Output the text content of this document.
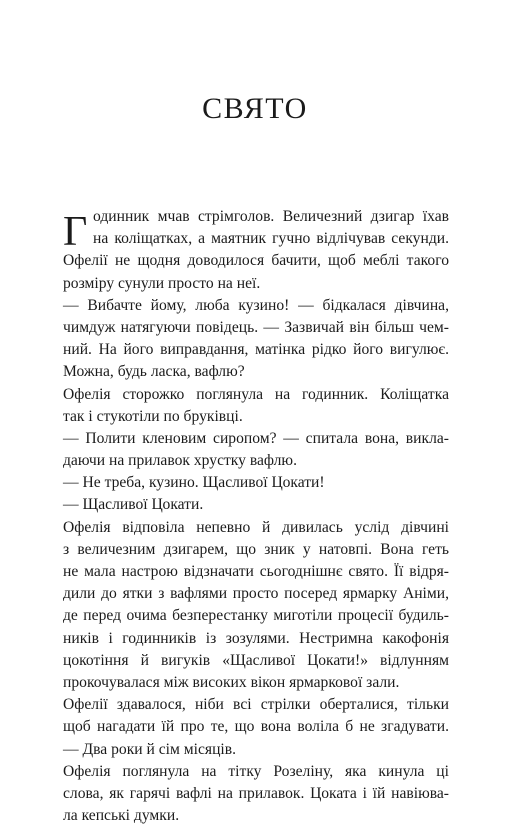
СВЯТО
Г одинник мчав стрімголов. Величезний дзигар їхав
на коліщатках, а маятник гучно відлічував секунди.
Офелії не щодня доводилося бачити, щоб меблі такого
розміру сунули просто на неї.
— Вибачте йому, люба кузино! — бідкалася дівчина,
чимдуж натягуючи повідець. — Зазвичай він більш чем-
ний. На його виправдання, матінка рідко його вигулює.
Можна, будь ласка, вафлю?
Офелія сторожко поглянула на годинник. Коліщатка
так і стукотіли по бруківці.
— Полити кленовим сиропом? — спитала вона, виклa-
даючи на прилавок хрустку вафлю.
— Не треба, кузино. Щасливої Цокати!
— Щасливої Цокати.
Офелія відповіла непевно й дивилась услід дівчині
з величезним дзигарем, що зник у натовпі. Вона геть
не мала настрою відзначати сьогоднішнє свято. Її відря-
дили до ятки з вафлями просто посеред ярмарку Аніми,
де перед очима безперестанку миготіли процесії будиль-
ників і годинників із зозулями. Нестримна какофонія
цокотіння й вигуків «Щасливої Цокати!» відлунням
прокочувалася між високих вікон ярмаркової зали.
Офелії здавалося, ніби всі стрілки оберталися, тільки
щоб нагадати їй про те, що вона воліла б не згадувати.
— Два роки й сім місяців.
Офелія поглянула на тітку Розеліну, яка кинула ці
слова, як гарячі вафлі на прилавок. Цоката і їй навіюва-
ла кепські думки.
